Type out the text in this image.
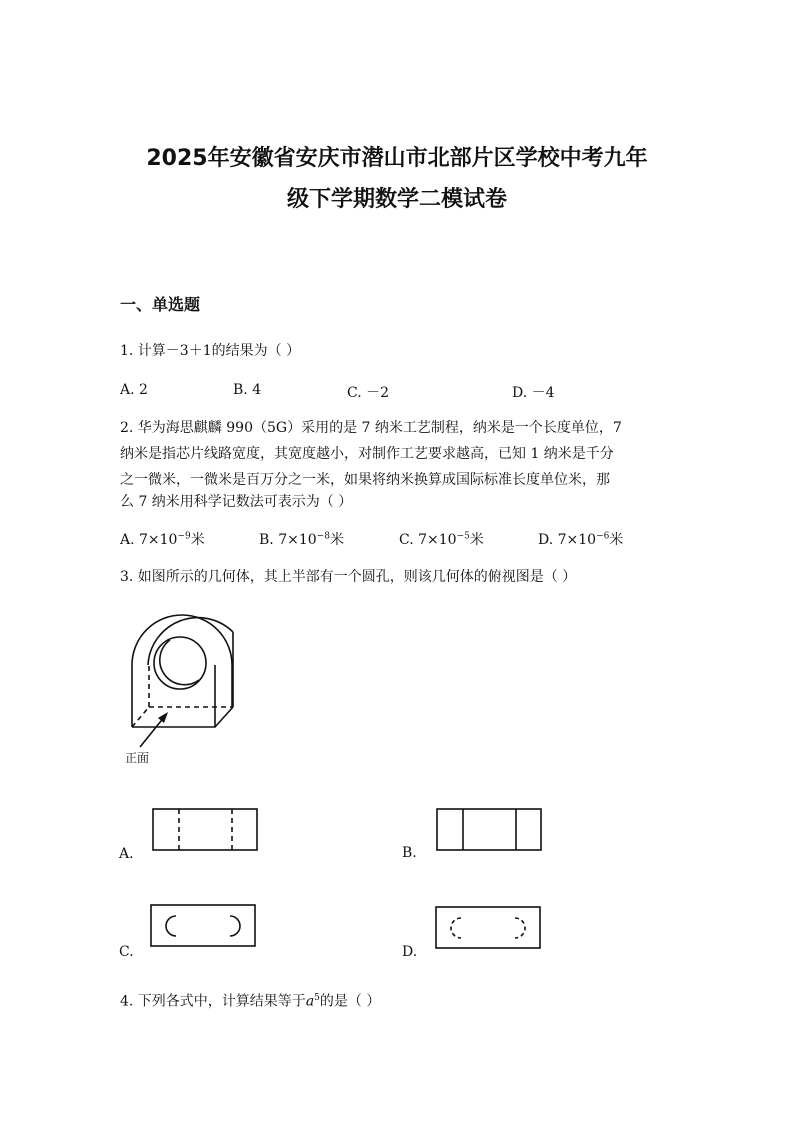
2025年安徽省安庆市潜山市北部片区学校中考九年
级下学期数学二模试卷
一、单选题
1. 计算－3＋1的结果为（ ）
A. 2	B. 4	C. －2	D. －4
2. 华为海思麒麟 990（5G）采用的是 7 纳米工艺制程，纳米是一个长度单位，7
纳米是指芯片线路宽度，其宽度越小，对制作工艺要求越高，已知 1 纳米是千分
之一微米，一微米是百万分之一米，如果将纳米换算成国际标准长度单位米，那
么 7 纳米用科学记数法可表示为（ ）
A. $7\times 10^{-9}$米	B. $7\times 10^{-8}$米	C. $7\times 10^{-5}$米	D. $7\times 10^{-6}$米
3. 如图所示的几何体，其上半部有一个圆孔，则该几何体的俯视图是（ ）
正面
A.	B.
C.	D.
4. 下列各式中，计算结果等于$a^5$的是（ ）
